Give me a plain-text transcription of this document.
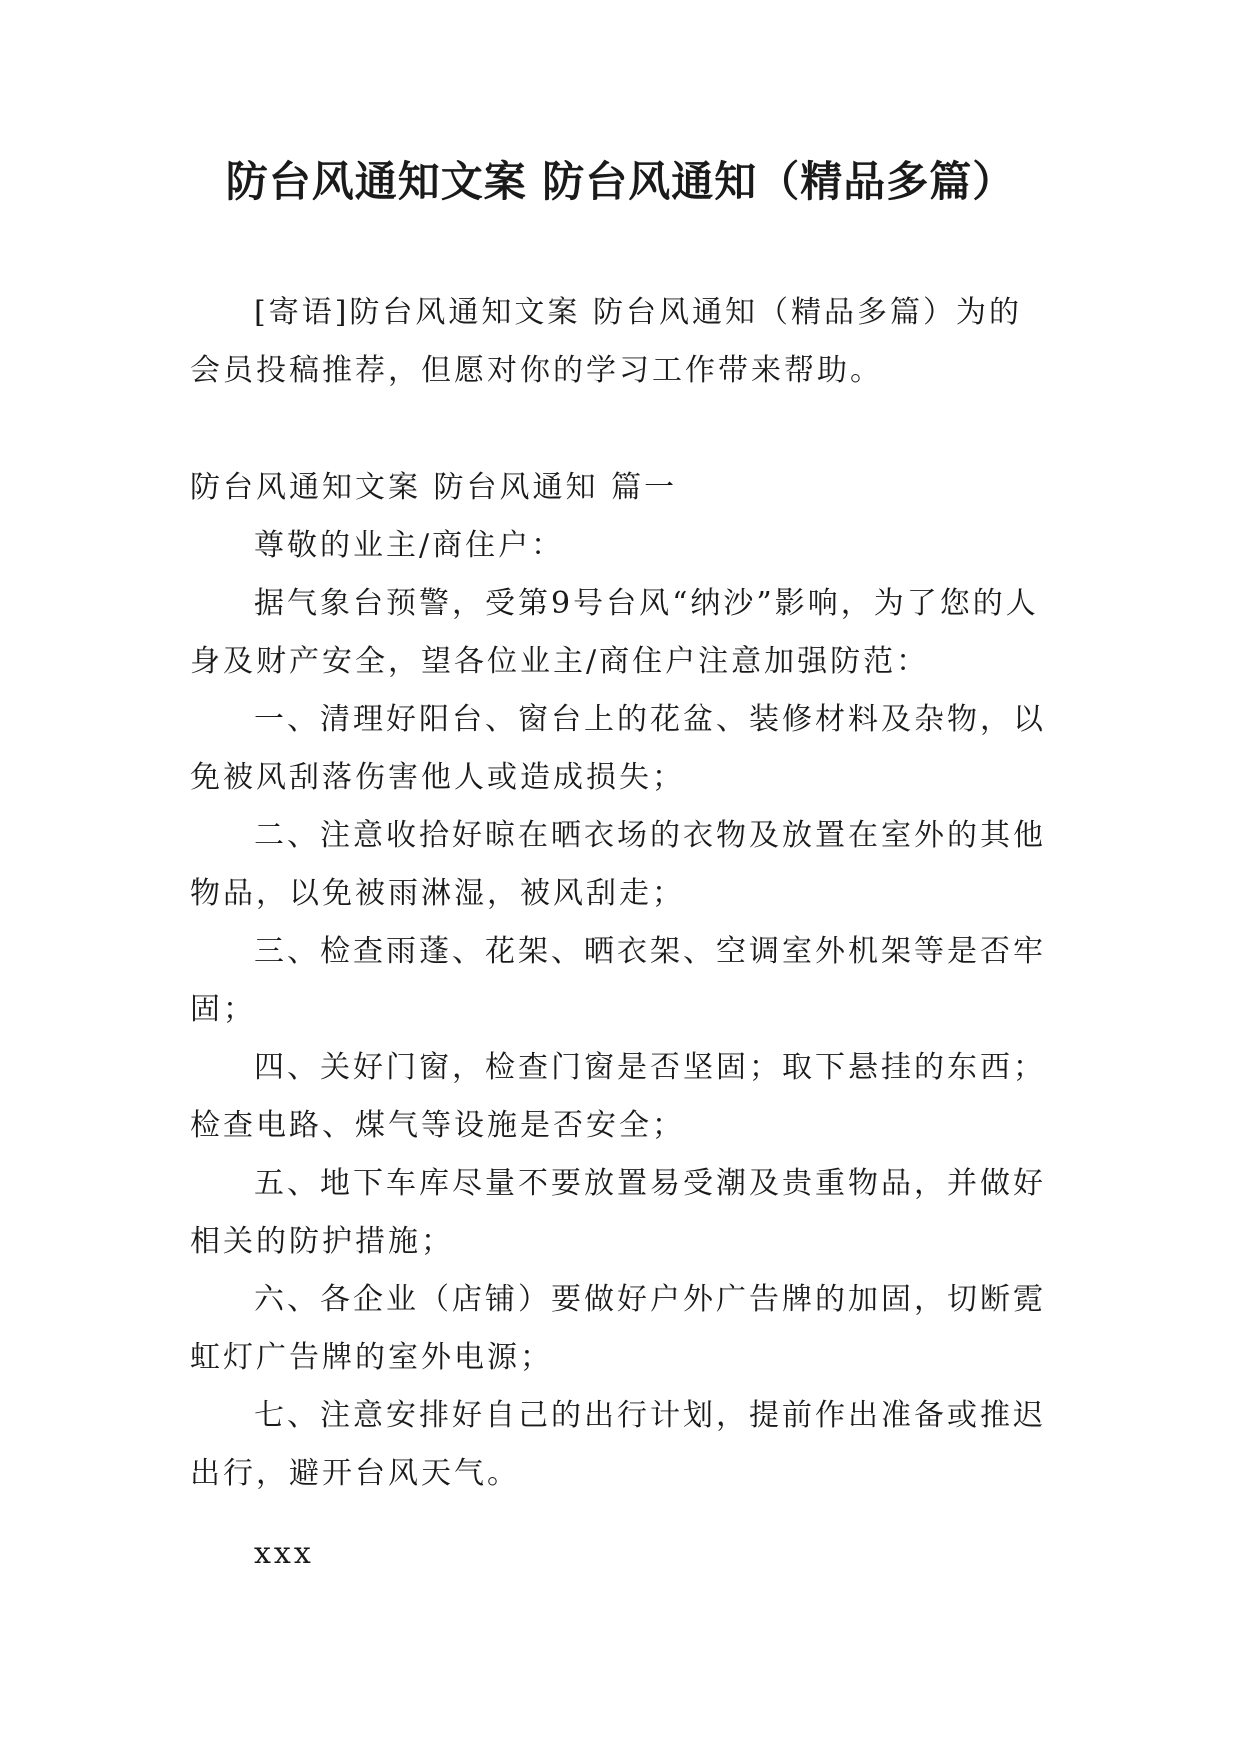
防台风通知文案 防台风通知（精品多篇）

[寄语]防台风通知文案 防台风通知（精品多篇）为的会员投稿推荐，但愿对你的学习工作带来帮助。

防台风通知文案 防台风通知 篇一

尊敬的业主/商住户：

据气象台预警，受第9号台风“纳沙”影响，为了您的人身及财产安全，望各位业主/商住户注意加强防范：

一、清理好阳台、窗台上的花盆、装修材料及杂物，以免被风刮落伤害他人或造成损失；

二、注意收拾好晾在晒衣场的衣物及放置在室外的其他物品，以免被雨淋湿，被风刮走；

三、检查雨蓬、花架、晒衣架、空调室外机架等是否牢固；

四、关好门窗，检查门窗是否坚固；取下悬挂的东西；检查电路、煤气等设施是否安全；

五、地下车库尽量不要放置易受潮及贵重物品，并做好相关的防护措施；

六、各企业（店铺）要做好户外广告牌的加固，切断霓虹灯广告牌的室外电源；

七、注意安排好自己的出行计划，提前作出准备或推迟出行，避开台风天气。

xxx
